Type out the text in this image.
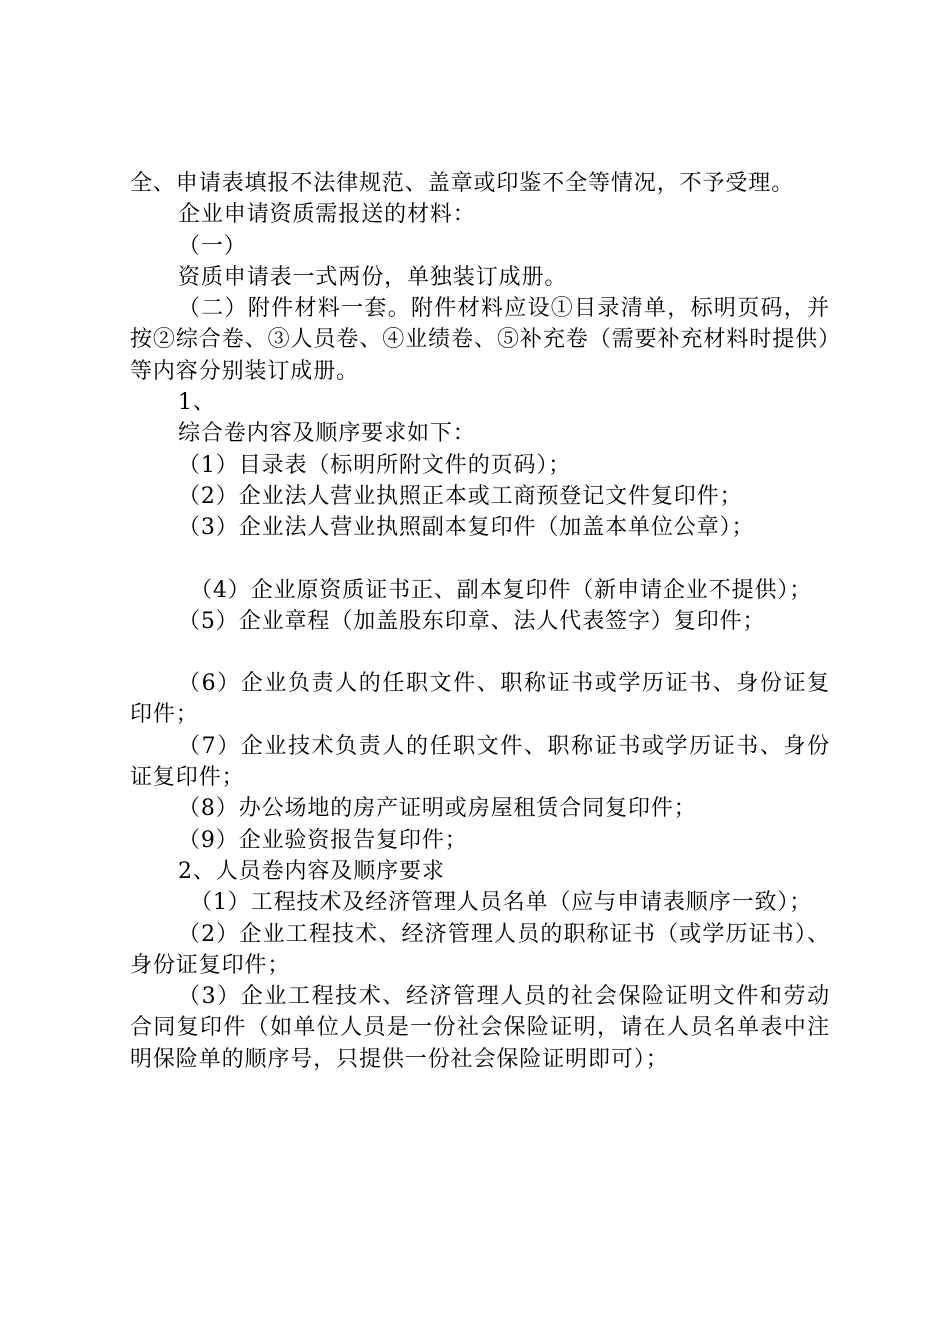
全、申请表填报不法律规范、盖章或印鉴不全等情况，不予受理。

企业申请资质需报送的材料：

（一）

资质申请表一式两份，单独装订成册。

（二）附件材料一套。附件材料应设①目录清单，标明页码，并按②综合卷、③人员卷、④业绩卷、⑤补充卷（需要补充材料时提供）等内容分别装订成册。

1、

综合卷内容及顺序要求如下：

（1）目录表（标明所附文件的页码）；

（2）企业法人营业执照正本或工商预登记文件复印件；

（3）企业法人营业执照副本复印件（加盖本单位公章）；

（4）企业原资质证书正、副本复印件（新申请企业不提供）；

（5）企业章程（加盖股东印章、法人代表签字）复印件；

（6）企业负责人的任职文件、职称证书或学历证书、身份证复印件；

（7）企业技术负责人的任职文件、职称证书或学历证书、身份证复印件；

（8）办公场地的房产证明或房屋租赁合同复印件；

（9）企业验资报告复印件；

2、人员卷内容及顺序要求

（1）工程技术及经济管理人员名单（应与申请表顺序一致）；

（2）企业工程技术、经济管理人员的职称证书（或学历证书）、身份证复印件；

（3）企业工程技术、经济管理人员的社会保险证明文件和劳动合同复印件（如单位人员是一份社会保险证明，请在人员名单表中注明保险单的顺序号，只提供一份社会保险证明即可）；
